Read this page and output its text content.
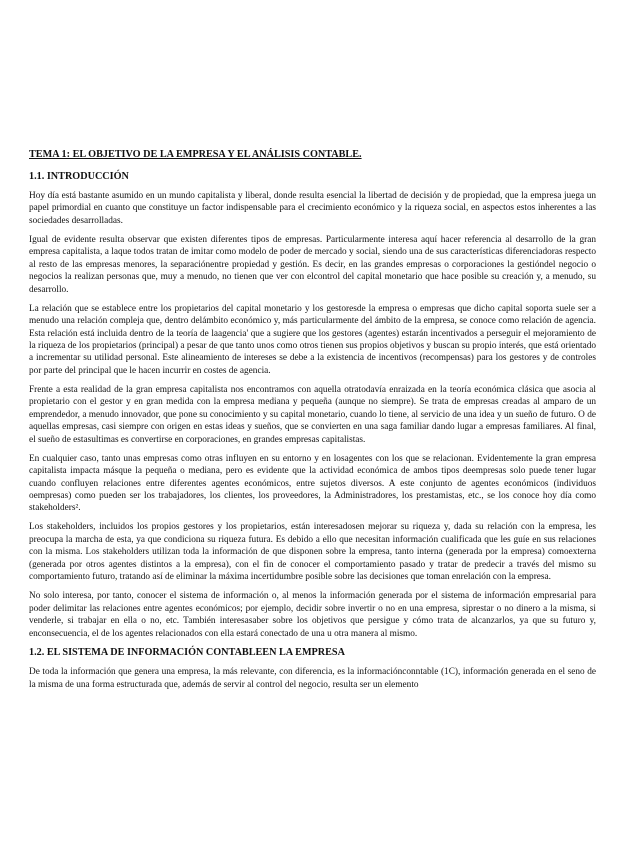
TEMA 1: EL OBJETIVO DE LA EMPRESA Y EL ANÁLISIS CONTABLE.
1.1. INTRODUCCIÓN

Hoy día está bastante asumido en un mundo capitalista y liberal, donde resulta esencial la libertad de decisión y de propiedad, que la empresa juega un papel primordial en cuanto que constituye un factor indispensable para el crecimiento económico y la riqueza social, en aspectos estos inherentes a las sociedades desarrolladas.

Igual de evidente resulta observar que existen diferentes tipos de empresas. Particularmente interesa aquí hacer referencia al desarrollo de la gran empresa capitalista, a laque todos tratan de imitar como modelo de poder de mercado y social, siendo una de sus características diferenciadoras respecto al resto de las empresas menores, la separaciónentre propiedad y gestión. Es decir, en las grandes empresas o corporaciones la gestióndel negocio o negocios la realizan personas que, muy a menudo, no tienen que ver con elcontrol del capital monetario que hace posible su creación y, a menudo, su desarrollo.

La relación que se establece entre los propietarios del capital monetario y los gestoresde la empresa o empresas que dicho capital soporta suele ser a menudo una relación compleja que, dentro delámbito económico y, más particularmente del ámbito de la empresa, se conoce como relación de agencia. Esta relación está incluida dentro de la teoría de laagencia' que a sugiere que los gestores (agentes) estarán incentivados a perseguir el mejoramiento de la riqueza de los propietarios (principal) a pesar de que tanto unos como otros tienen sus propios objetivos y buscan su propio interés, que está orientado a incrementar su utilidad personal. Este alineamiento de intereses se debe a la existencia de incentivos (recompensas) para los gestores y de controles por parte del principal que le hacen incurrir en costes de agencia.

Frente a esta realidad de la gran empresa capitalista nos encontramos con aquella otratodavía enraizada en la teoría económica clásica que asocia al propietario con el gestor y en gran medida con la empresa mediana y pequeña (aunque no siempre). Se trata de empresas creadas al amparo de un emprendedor, a menudo innovador, que pone su conocimiento y su capital monetario, cuando lo tiene, al servicio de una idea y un sueño de futuro. O de aquellas empresas, casi siempre con origen en estas ideas y sueños, que se convierten en una saga familiar dando lugar a empresas familiares. Al final, el sueño de estasultimas es convertirse en corporaciones, en grandes empresas capitalistas.

En cualquier caso, tanto unas empresas como otras influyen en su entorno y en losagentes con los que se relacionan. Evidentemente la gran empresa capitalista impacta másque la pequeña o mediana, pero es evidente que la actividad económica de ambos tipos deempresas solo puede tener lugar cuando confluyen relaciones entre diferentes agentes económicos, entre sujetos diversos. A este conjunto de agentes económicos (individuos oempresas) como pueden ser los trabajadores, los clientes, los proveedores, la Administradores, los prestamistas, etc., se los conoce hoy día como stakeholders².

Los stakeholders, incluidos los propios gestores y los propietarios, están interesadosen mejorar su riqueza y, dada su relación con la empresa, les preocupa la marcha de esta, ya que condiciona su riqueza futura. Es debido a ello que necesitan información cualificada que les guíe en sus relaciones con la misma. Los stakeholders utilizan toda la información de que disponen sobre la empresa, tanto interna (generada por la empresa) comoexterna (generada por otros agentes distintos a la empresa), con el fin de conocer el comportamiento pasado y tratar de predecir a través del mismo su comportamiento futuro, tratando así de eliminar la máxima incertidumbre posible sobre las decisiones que toman enrelación con la empresa.

No solo interesa, por tanto, conocer el sistema de información o, al menos la información generada por el sistema de información empresarial para poder delimitar las relaciones entre agentes económicos; por ejemplo, decidir sobre invertir o no en una empresa, siprestar o no dinero a la misma, si venderle, si trabajar en ella o no, etc. También interesasaber sobre los objetivos que persigue y cómo trata de alcanzarlos, ya que su futuro y, enconsecuencia, el de los agentes relacionados con ella estará conectado de una u otra manera al mismo.

1.2. EL SISTEMA DE INFORMACIÓN CONTABLEEN LA EMPRESA

De toda la información que genera una empresa, la más relevante, con diferencia, es la informaciónconntable (1C), información generada en el seno de la misma de una forma estructurada que, además de servir al control del negocio, resulta ser un elemento
